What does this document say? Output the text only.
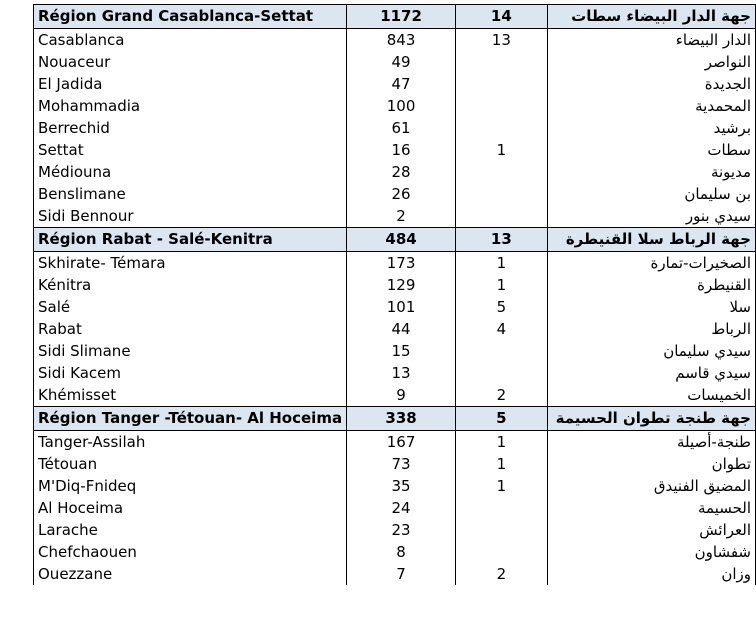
Région Grand Casablanca-Settat	1172	14	جهة الدار البيضاء سطات
Casablanca	843	13	الدار البيضاء
Nouaceur	49		النواصر
El Jadida	47		الجديدة
Mohammadia	100		المحمدية
Berrechid	61		برشيد
Settat	16	1	سطات
Médiouna	28		مديونة
Benslimane	26		بن سليمان
Sidi Bennour	2		سيدي بنور
Région Rabat - Salé-Kenitra	484	13	جهة الرباط سلا القنيطرة
Skhirate- Témara	173	1	الصخيرات-تمارة
Kénitra	129	1	القنيطرة
Salé	101	5	سلا
Rabat	44	4	الرباط
Sidi Slimane	15		سيدي سليمان
Sidi Kacem	13		سيدي قاسم
Khémisset	9	2	الخميسات
Région Tanger -Tétouan- Al Hoceima	338	5	جهة طنجة تطوان الحسيمة
Tanger-Assilah	167	1	طنجة-أصيلة
Tétouan	73	1	تطوان
M'Diq-Fnideq	35	1	المضيق الفنيدق
Al Hoceima	24		الحسيمة
Larache	23		العرائش
Chefchaouen	8		شفشاون
Ouezzane	7	2	وزان
